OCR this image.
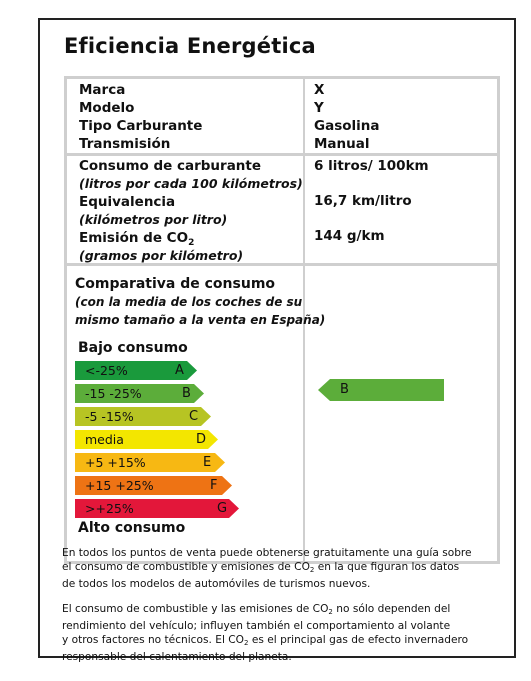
Eficiencia Energética
Marca	X
Modelo	Y
Tipo Carburante	Gasolina
Transmisión	Manual
Consumo de carburante
(litros por cada 100 kilómetros)
6 litros/ 100km
Equivalencia
(kilómetros por litro)
16,7 km/litro
Emisión de $CO_2$
(gramos por kilómetro)
144 g/km
Comparativa de consumo
(con la media de los coches de su
mismo tamaño a la venta en España)
Bajo consumo
<-25%	A
-15 -25%	B
-5 -15%	C
media	D
+5 +15%	E
+15 +25%	F
>+25%	G
Alto consumo
B
En todos los puntos de venta puede obtenerse gratuitamente una guía sobre
el consumo de combustible y emisiones de $CO_2$ en la que figuran los datos
de todos los modelos de automóviles de turismos nuevos.
El consumo de combustible y las emisiones de $CO_2$ no sólo dependen del
rendimiento del vehículo; influyen también el comportamiento al volante
y otros factores no técnicos. El $CO_2$ es el principal gas de efecto invernadero
responsable del calentamiento del planeta.
